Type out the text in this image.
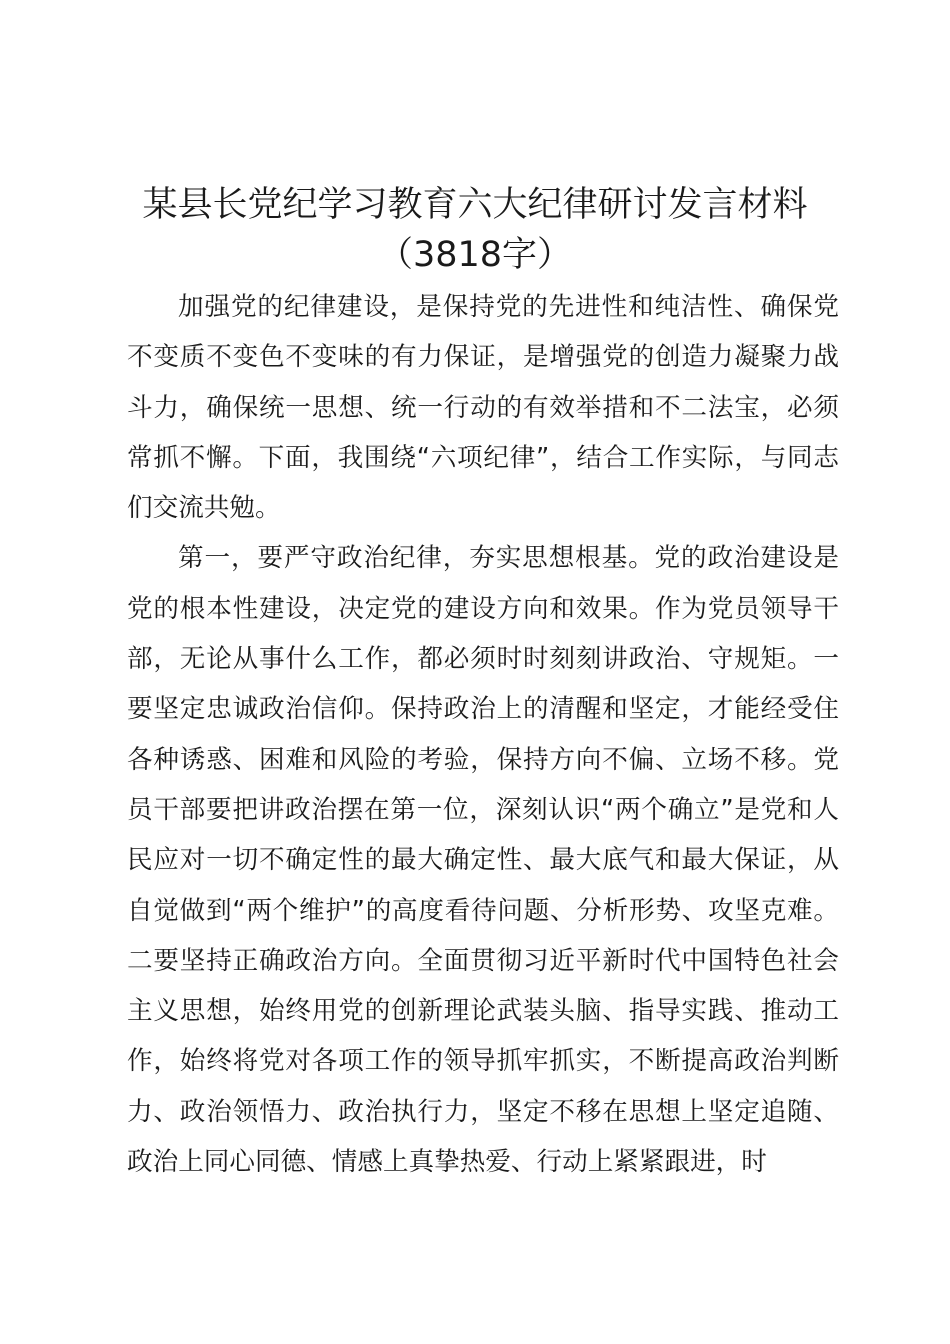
某县长党纪学习教育六大纪律研讨发言材料
（3818字）

加强党的纪律建设，是保持党的先进性和纯洁性、确保党不变质不变色不变味的有力保证，是增强党的创造力凝聚力战斗力，确保统一思想、统一行动的有效举措和不二法宝，必须常抓不懈。下面，我围绕“六项纪律”，结合工作实际，与同志们交流共勉。

第一，要严守政治纪律，夯实思想根基。党的政治建设是党的根本性建设，决定党的建设方向和效果。作为党员领导干部，无论从事什么工作，都必须时时刻刻讲政治、守规矩。一要坚定忠诚政治信仰。保持政治上的清醒和坚定，才能经受住各种诱惑、困难和风险的考验，保持方向不偏、立场不移。党员干部要把讲政治摆在第一位，深刻认识“两个确立”是党和人民应对一切不确定性的最大确定性、最大底气和最大保证，从自觉做到“两个维护”的高度看待问题、分析形势、攻坚克难。二要坚持正确政治方向。全面贯彻习近平新时代中国特色社会主义思想，始终用党的创新理论武装头脑、指导实践、推动工作，始终将党对各项工作的领导抓牢抓实，不断提高政治判断力、政治领悟力、政治执行力，坚定不移在思想上坚定追随、政治上同心同德、情感上真挚热爱、行动上紧紧跟进，时
